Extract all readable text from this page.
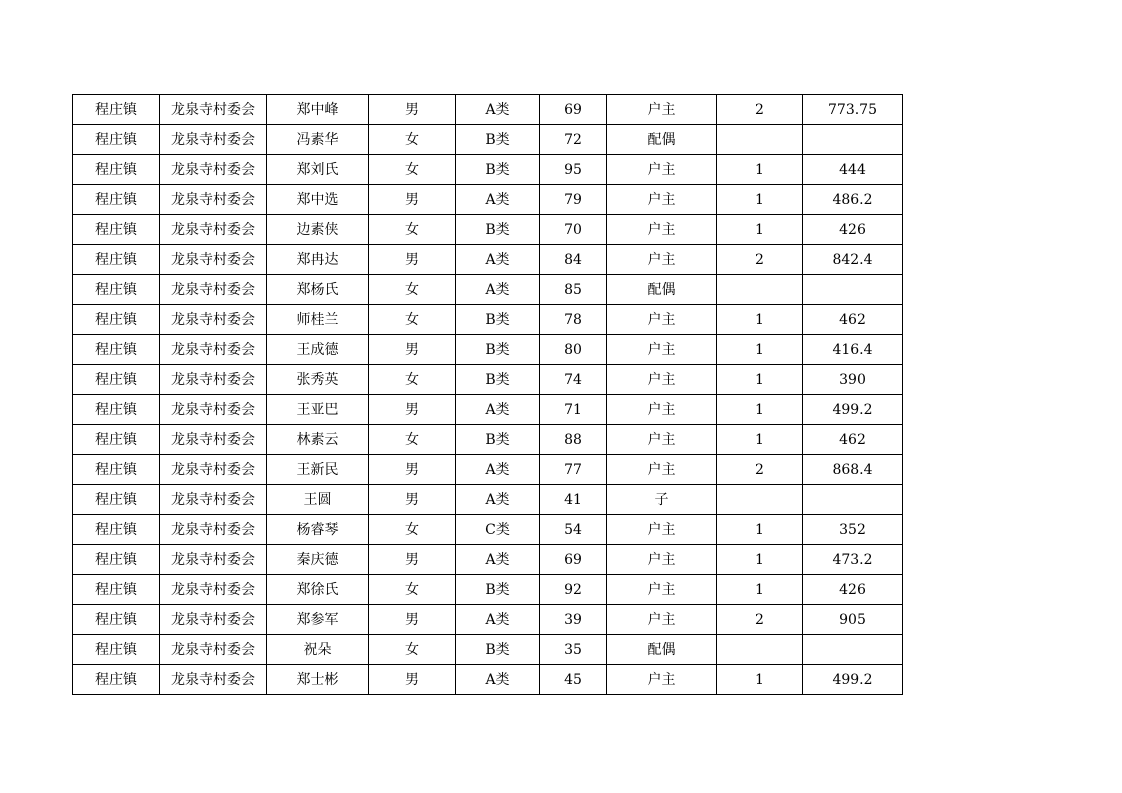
程庄镇	龙泉寺村委会	郑中峰	男	A类	69	户主	2	773.75
程庄镇	龙泉寺村委会	冯素华	女	B类	72	配偶		
程庄镇	龙泉寺村委会	郑刘氏	女	B类	95	户主	1	444
程庄镇	龙泉寺村委会	郑中选	男	A类	79	户主	1	486.2
程庄镇	龙泉寺村委会	边素侠	女	B类	70	户主	1	426
程庄镇	龙泉寺村委会	郑冉达	男	A类	84	户主	2	842.4
程庄镇	龙泉寺村委会	郑杨氏	女	A类	85	配偶		
程庄镇	龙泉寺村委会	师桂兰	女	B类	78	户主	1	462
程庄镇	龙泉寺村委会	王成德	男	B类	80	户主	1	416.4
程庄镇	龙泉寺村委会	张秀英	女	B类	74	户主	1	390
程庄镇	龙泉寺村委会	王亚巴	男	A类	71	户主	1	499.2
程庄镇	龙泉寺村委会	林素云	女	B类	88	户主	1	462
程庄镇	龙泉寺村委会	王新民	男	A类	77	户主	2	868.4
程庄镇	龙泉寺村委会	王圆	男	A类	41	子		
程庄镇	龙泉寺村委会	杨睿琴	女	C类	54	户主	1	352
程庄镇	龙泉寺村委会	秦庆德	男	A类	69	户主	1	473.2
程庄镇	龙泉寺村委会	郑徐氏	女	B类	92	户主	1	426
程庄镇	龙泉寺村委会	郑参军	男	A类	39	户主	2	905
程庄镇	龙泉寺村委会	祝朵	女	B类	35	配偶		
程庄镇	龙泉寺村委会	郑士彬	男	A类	45	户主	1	499.2
